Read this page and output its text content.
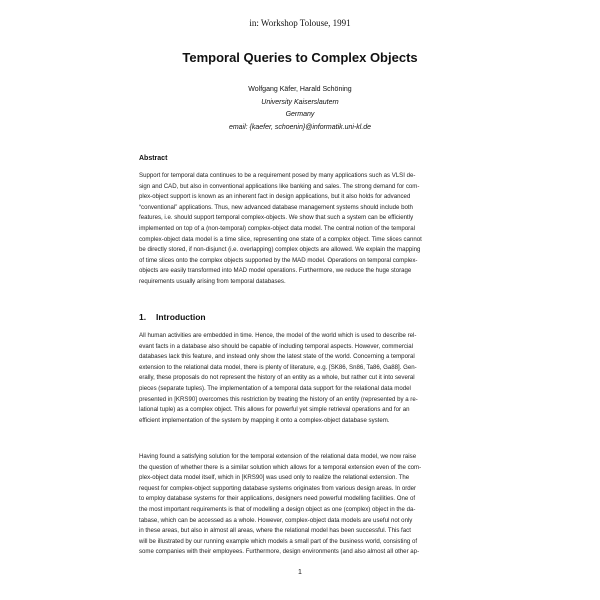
in: Workshop Tolouse, 1991
Temporal Queries to Complex Objects
Wolfgang Käfer, Harald Schöning
University Kaiserslautern
Germany
email: {kaefer, schoenin}@informatik.uni-kl.de
Abstract
Support for temporal data continues to be a requirement posed by many applications such as VLSI de-
sign and CAD, but also in conventional applications like banking and sales. The strong demand for com-
plex-object support is known as an inherent fact in design applications, but it also holds for advanced
“conventional” applications. Thus, new advanced database management systems should include both
features, i.e. should support temporal complex-objects. We show that such a system can be efficiently
implemented on top of a (non-temporal) complex-object data model. The central notion of the temporal
complex-object data model is a time slice, representing one state of a complex object. Time slices cannot
be directly stored, if non-disjunct (i.e. overlapping) complex objects are allowed. We explain the mapping
of time slices onto the complex objects supported by the MAD model. Operations on temporal complex-
objects are easily transformed into MAD model operations. Furthermore, we reduce the huge storage
requirements usually arising from temporal databases.
1. Introduction
All human activities are embedded in time. Hence, the model of the world which is used to describe rel-
evant facts in a database also should be capable of including temporal aspects. However, commercial
databases lack this feature, and instead only show the latest state of the world. Concerning a temporal
extension to the relational data model, there is plenty of literature, e.g. [SK86, Sn86, Ta86, Ga88]. Gen-
erally, these proposals do not represent the history of an entity as a whole, but rather cut it into several
pieces (separate tuples). The implementation of a temporal data support for the relational data model
presented in [KRS90] overcomes this restriction by treating the history of an entity (represented by a re-
lational tuple) as a complex object. This allows for powerful yet simple retrieval operations and for an
efficient implementation of the system by mapping it onto a complex-object database system.
Having found a satisfying solution for the temporal extension of the relational data model, we now raise
the question of whether there is a similar solution which allows for a temporal extension even of the com-
plex-object data model itself, which in [KRS90] was used only to realize the relational extension. The
request for complex-object supporting database systems originates from various design areas. In order
to employ database systems for their applications, designers need powerful modelling facilities. One of
the most important requirements is that of modelling a design object as one (complex) object in the da-
tabase, which can be accessed as a whole. However, complex-object data models are useful not only
in these areas, but also in almost all areas, where the relational model has been successful. This fact
will be illustrated by our running example which models a small part of the business world, consisting of
some companies with their employees. Furthermore, design environments (and also almost all other ap-
1
